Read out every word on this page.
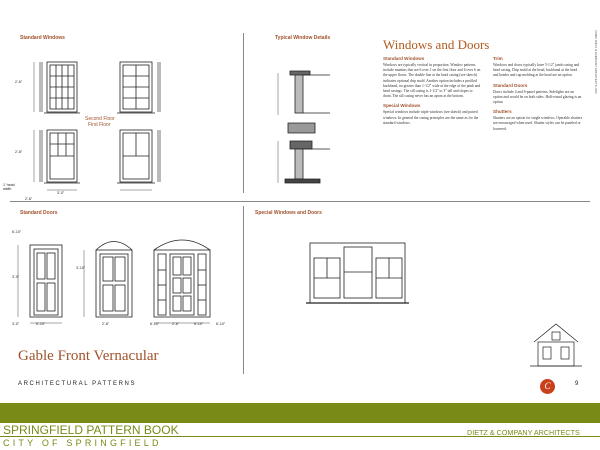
Standard Windows	Typical Window Details
Standard Doors	Special Windows and Doors
2'-6"
2'-8"
3'-0"
2'-6"
1' head width
Second Floor
First Floor
Windows and Doors
Standard Windows
Windows are typically vertical in proportion. Window patterns include muntins that are 6 over 1 on the first floor and 6 over 6 on the upper floors. The double line at the head casing (see sketch) indicates optional drip mold. Another option includes a profiled backband, no greater than 1-1/2" wide at the edge of the jamb and head casings. The sill casing is 1-1/2" to 3" tall and slopes to drain. The sill casing never has an apron at the bottom.
Special Windows
Special windows include triple windows (see sketch) and paired windows. In general the casing principles are the same as for the standard windows.
Trim
Windows and doors typically have 5-1/2" jamb casing and head casing. Drip mold at the head, backband at the head and header and cap molding at the head are an option.
Standard Doors
Doors include 4 and 6-panel patterns. Sidelights are an option and would be on both sides. Half-round glazing is an option.
Shutters
Shutters are an option for single windows. Operable shutters are encouraged when used. Shutter styles can be paneled or louvered.
©2005 DIETZ & COMPANY ARCHITECTS, INC.
6'-10"
3'-0"
3'-0"	6'-10"
3'-10"
2'-8"	6'-10"	2'-6"	6'-10"	6'-10"
Gable Front Vernacular
ARCHITECTURAL PATTERNS	C	9
SPRINGFIELD PATTERN BOOK
CITY OF SPRINGFIELD
DIETZ & COMPANY ARCHITECTS
